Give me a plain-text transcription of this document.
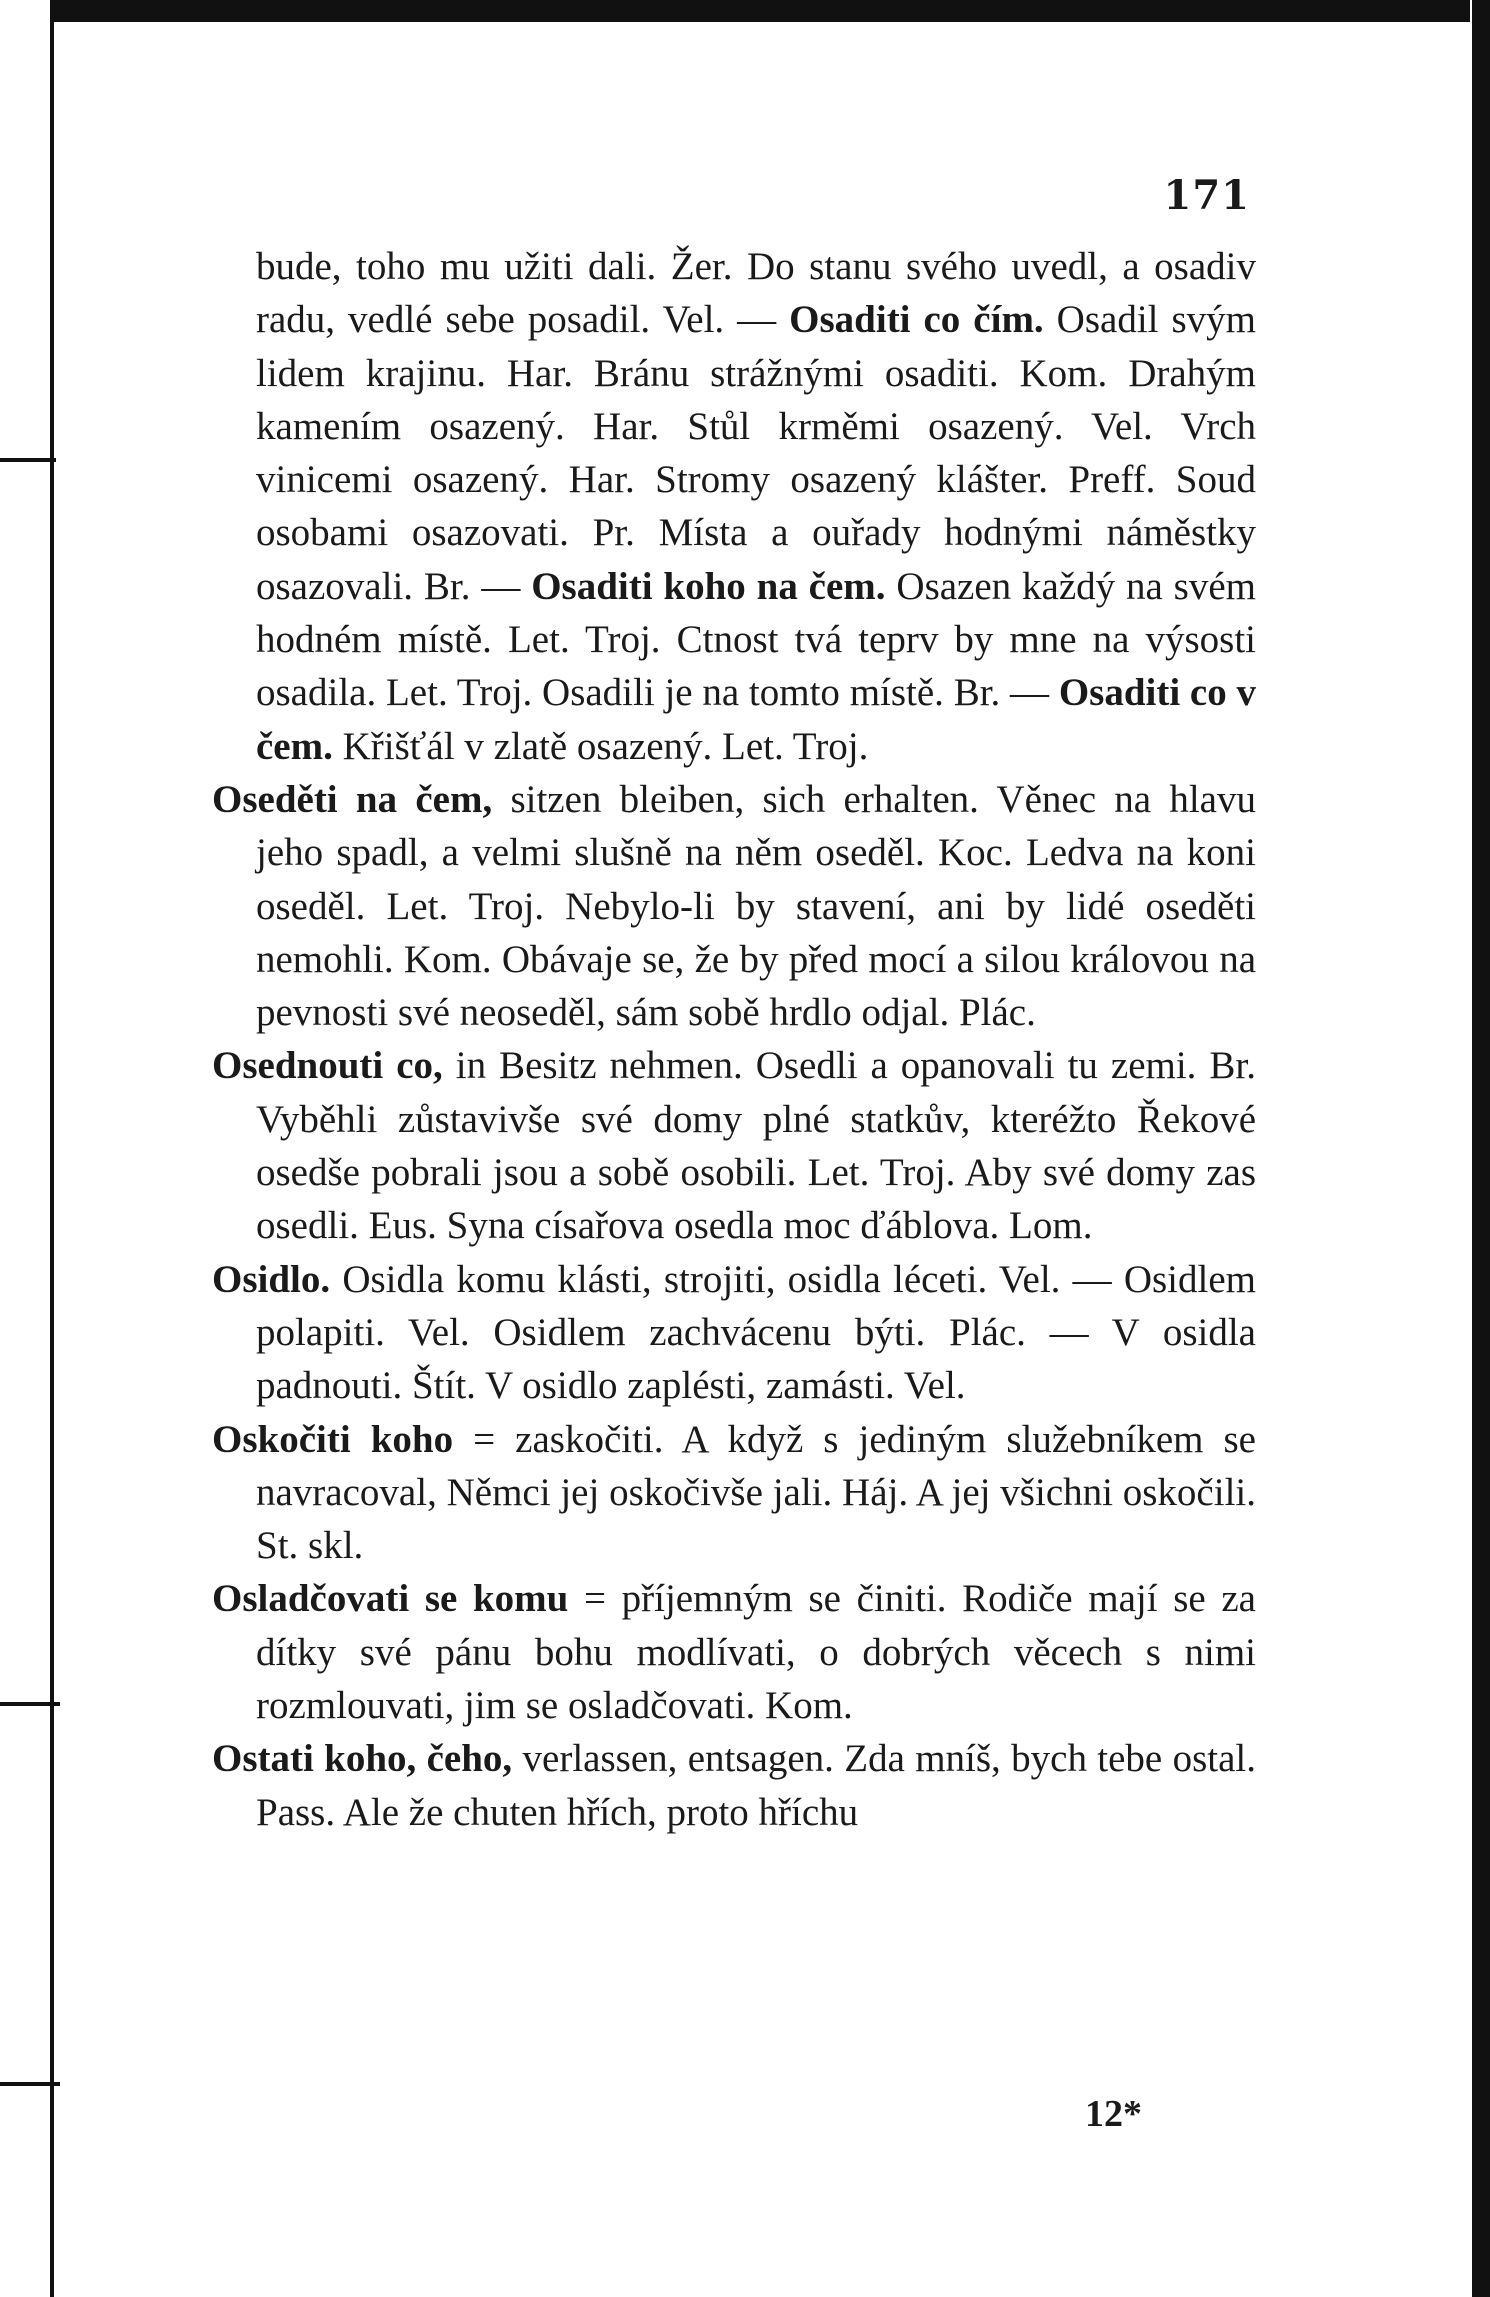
171

bude, toho mu užiti dali. Žer. Do stanu svého uvedl, a osadiv radu, vedlé sebe posadil. Vel. — Osaditi co čím. Osadil svým lidem krajinu. Har. Bránu strážnými osaditi. Kom. Drahým kamením osazený. Har. Stůl krměmi osazený. Vel. Vrch vinicemi osazený. Har. Stromy osazený klášter. Preff. Soud osobami osazovati. Pr. Místa a ouřady hodnými náměstky osazovali. Br. — Osaditi koho na čem. Osazen každý na svém hodném místě. Let. Troj. Ctnost tvá teprv by mne na výsosti osadila. Let. Troj. Osadili je na tomto místě. Br. — Osaditi co v čem. Křišťál v zlatě osazený. Let. Troj.

Oseděti na čem, sitzen bleiben, sich erhalten. Věnec na hlavu jeho spadl, a velmi slušně na něm oseděl. Koc. Ledva na koni oseděl. Let. Troj. Nebylo-li by stavení, ani by lidé oseděti nemohli. Kom. Obávaje se, že by před mocí a silou královou na pevnosti své neoseděl, sám sobě hrdlo odjal. Plác.

Osednouti co, in Besitz nehmen. Osedli a opanovali tu zemi. Br. Vyběhli zůstavivše své domy plné statkův, kteréžto Řekové osedše pobrali jsou a sobě osobili. Let. Troj. Aby své domy zas osedli. Eus. Syna císařova osedla moc ďáblova. Lom.

Osidlo. Osidla komu klásti, strojiti, osidla léceti. Vel. — Osidlem polapiti. Vel. Osidlem zachvácenu býti. Plác. — V osidla padnouti. Štít. V osidlo zaplésti, zamásti. Vel.

Oskočiti koho = zaskočiti. A když s jediným služebníkem se navracoval, Němci jej oskočivše jali. Háj. A jej všichni oskočili. St. skl.

Osladčovati se komu = příjemným se činiti. Rodiče mají se za dítky své pánu bohu modlívati, o dobrých věcech s nimi rozmlouvati, jim se osladčovati. Kom.

Ostati koho, čeho, verlassen, entsagen. Zda mníš, bych tebe ostal. Pass. Ale že chuten hřích, proto hříchu

12*
